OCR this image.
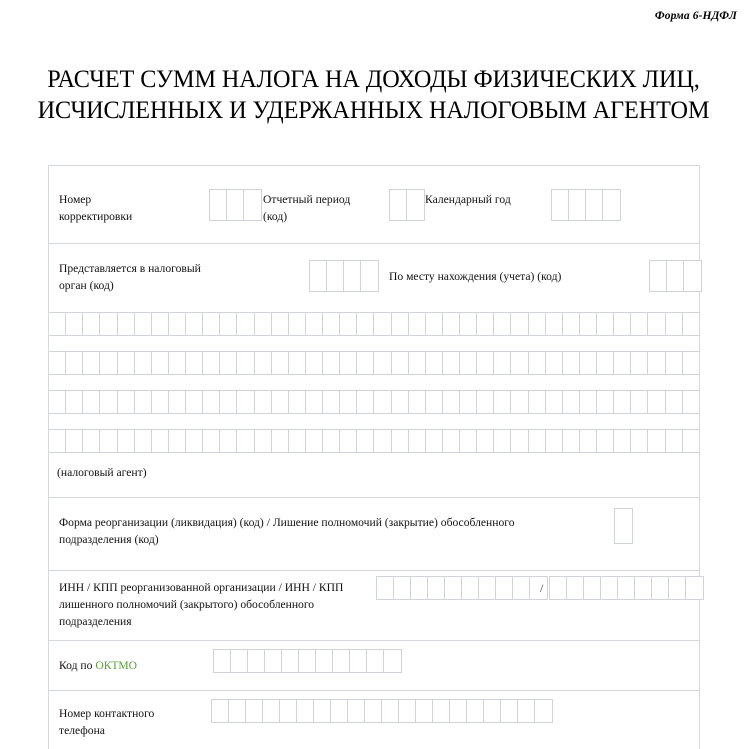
Форма 6-НДФЛ
РАСЧЕТ СУММ НАЛОГА НА ДОХОДЫ ФИЗИЧЕСКИХ ЛИЦ,
ИСЧИСЛЕННЫХ И УДЕРЖАННЫХ НАЛОГОВЫМ АГЕНТОМ
Номер
корректировки
Отчетный период
(код)
Календарный год
Представляется в налоговый
орган (код)
По месту нахождения (учета) (код)
(налоговый агент)
Форма реорганизации (ликвидация) (код) / Лишение полномочий (закрытие) обособленного
подразделения (код)
ИНН / КПП реорганизованной организации / ИНН / КПП
лишенного полномочий (закрытого) обособленного
подразделения
/
Код по ОКТМО
Номер контактного
телефона
